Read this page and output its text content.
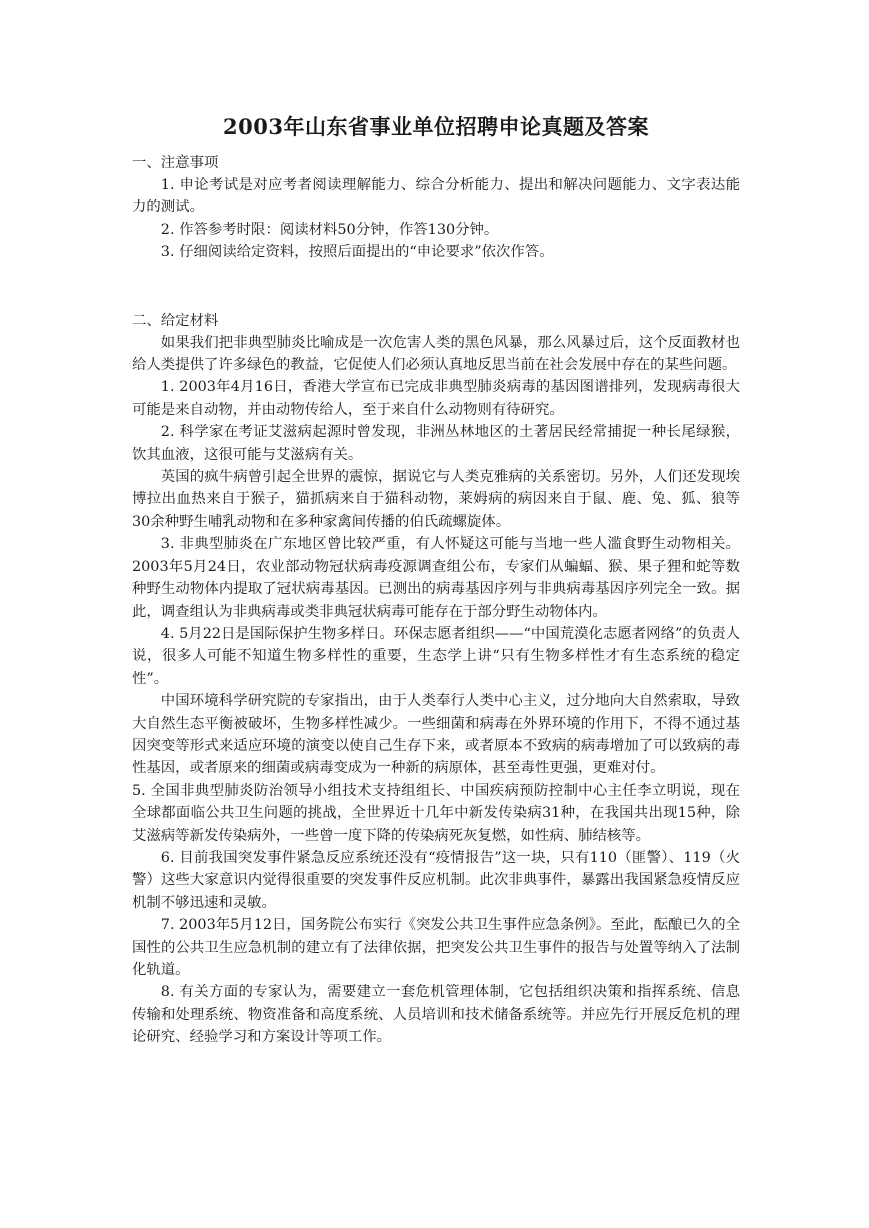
2003年山东省事业单位招聘申论真题及答案

一、注意事项

1. 申论考试是对应考者阅读理解能力、综合分析能力、提出和解决问题能力、文字表达能力的测试。

2. 作答参考时限：阅读材料50分钟，作答130分钟。

3. 仔细阅读给定资料，按照后面提出的“申论要求”依次作答。

二、给定材料

如果我们把非典型肺炎比喻成是一次危害人类的黑色风暴，那么风暴过后，这个反面教材也给人类提供了许多绿色的教益，它促使人们必须认真地反思当前在社会发展中存在的某些问题。

1. 2003年4月16日，香港大学宣布已完成非典型肺炎病毒的基因图谱排列，发现病毒很大可能是来自动物，并由动物传给人，至于来自什么动物则有待研究。

2. 科学家在考证艾滋病起源时曾发现，非洲丛林地区的土著居民经常捕捉一种长尾绿猴，饮其血液，这很可能与艾滋病有关。

英国的疯牛病曾引起全世界的震惊，据说它与人类克雅病的关系密切。另外，人们还发现埃博拉出血热来自于猴子，猫抓病来自于猫科动物，莱姆病的病因来自于鼠、鹿、兔、狐、狼等30余种野生哺乳动物和在多种家禽间传播的伯氏疏螺旋体。

3. 非典型肺炎在广东地区曾比较严重，有人怀疑这可能与当地一些人滥食野生动物相关。2003年5月24日，农业部动物冠状病毒疫源调查组公布，专家们从蝙蝠、猴、果子狸和蛇等数种野生动物体内提取了冠状病毒基因。已测出的病毒基因序列与非典病毒基因序列完全一致。据此，调查组认为非典病毒或类非典冠状病毒可能存在于部分野生动物体内。

4. 5月22日是国际保护生物多样日。环保志愿者组织——“中国荒漠化志愿者网络”的负责人说，很多人可能不知道生物多样性的重要，生态学上讲“只有生物多样性才有生态系统的稳定性”。

中国环境科学研究院的专家指出，由于人类奉行人类中心主义，过分地向大自然索取，导致大自然生态平衡被破坏，生物多样性减少。一些细菌和病毒在外界环境的作用下，不得不通过基因突变等形式来适应环境的演变以使自己生存下来，或者原本不致病的病毒增加了可以致病的毒性基因，或者原来的细菌或病毒变成为一种新的病原体，甚至毒性更强，更难对付。

5. 全国非典型肺炎防治领导小组技术支持组组长、中国疾病预防控制中心主任李立明说，现在全球都面临公共卫生问题的挑战，全世界近十几年中新发传染病31种，在我国共出现15种，除艾滋病等新发传染病外，一些曾一度下降的传染病死灰复燃，如性病、肺结核等。

6. 目前我国突发事件紧急反应系统还没有“疫情报告”这一块，只有110（匪警）、119（火警）这些大家意识内觉得很重要的突发事件反应机制。此次非典事件，暴露出我国紧急疫情反应机制不够迅速和灵敏。

7. 2003年5月12日，国务院公布实行《突发公共卫生事件应急条例》。至此，酝酿已久的全国性的公共卫生应急机制的建立有了法律依据，把突发公共卫生事件的报告与处置等纳入了法制化轨道。

8. 有关方面的专家认为，需要建立一套危机管理体制，它包括组织决策和指挥系统、信息传输和处理系统、物资准备和高度系统、人员培训和技术储备系统等。并应先行开展反危机的理论研究、经验学习和方案设计等项工作。
